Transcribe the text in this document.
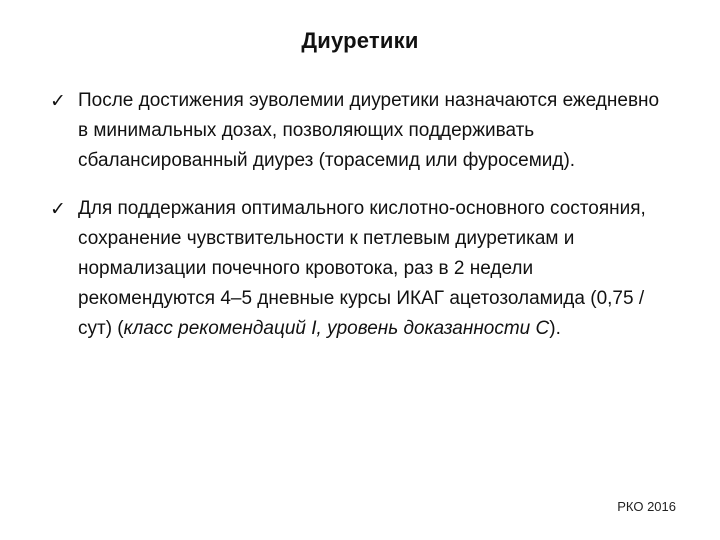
Диуретики
✓ После достижения эуволемии диуретики назначаются ежедневно в минимальных дозах, позволяющих поддерживать сбалансированный диурез (торасемид или фуросемид).
✓ Для поддержания оптимального кислотно-основного состояния, сохранение чувствительности к петлевым диуретикам и нормализации почечного кровотока, раз в 2 недели рекомендуются 4–5 дневные курсы ИКАГ ацетозоламида (0,75 /сут) (класс рекомендаций I, уровень доказанности С).
РКО 2016
